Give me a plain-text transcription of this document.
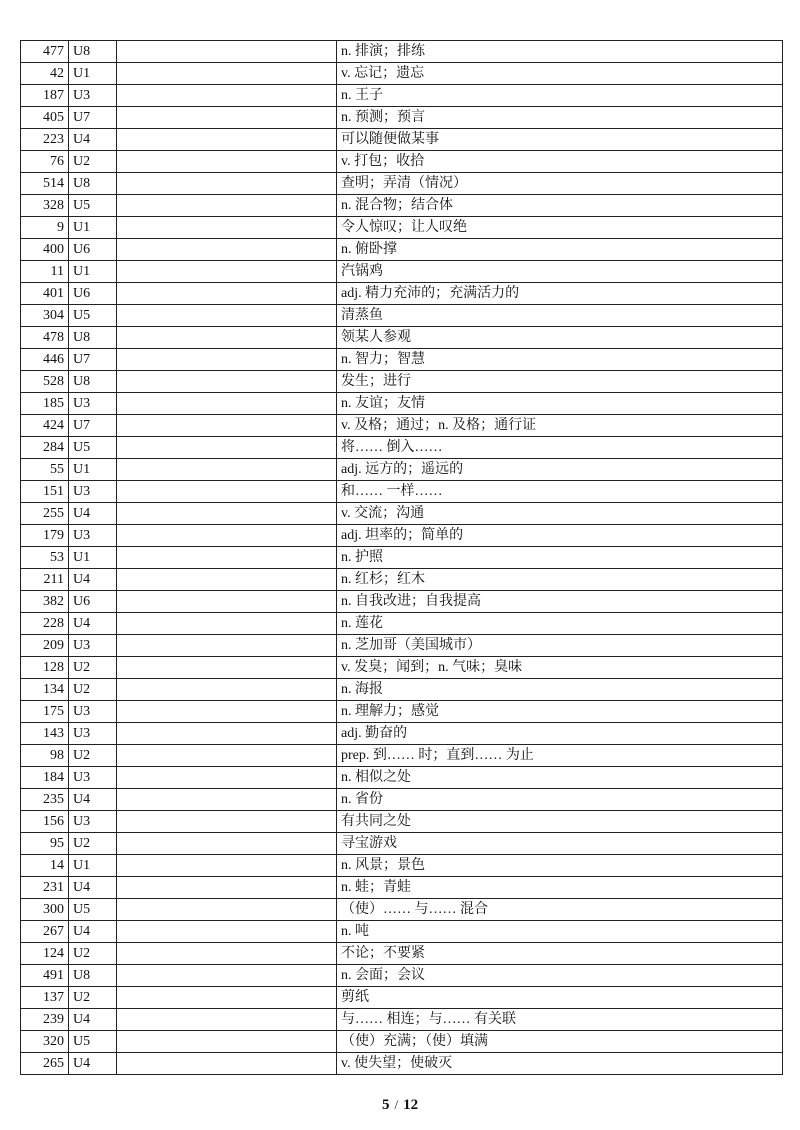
477	U8		n. 排演；排练
42	U1		v. 忘记；遗忘
187	U3		n. 王子
405	U7		n. 预测；预言
223	U4		可以随便做某事
76	U2		v. 打包；收拾
514	U8		查明；弄清（情况）
328	U5		n. 混合物；结合体
9	U1		令人惊叹；让人叹绝
400	U6		n. 俯卧撑
11	U1		汽锅鸡
401	U6		adj. 精力充沛的；充满活力的
304	U5		清蒸鱼
478	U8		领某人参观
446	U7		n. 智力；智慧
528	U8		发生；进行
185	U3		n. 友谊；友情
424	U7		v. 及格；通过；n. 及格；通行证
284	U5		将…… 倒入……
55	U1		adj. 远方的；遥远的
151	U3		和…… 一样……
255	U4		v. 交流；沟通
179	U3		adj. 坦率的；简单的
53	U1		n. 护照
211	U4		n. 红杉；红木
382	U6		n. 自我改进；自我提高
228	U4		n. 莲花
209	U3		n. 芝加哥（美国城市）
128	U2		v. 发臭；闻到；n. 气味；臭味
134	U2		n. 海报
175	U3		n. 理解力；感觉
143	U3		adj. 勤奋的
98	U2		prep. 到…… 时；直到…… 为止
184	U3		n. 相似之处
235	U4		n. 省份
156	U3		有共同之处
95	U2		寻宝游戏
14	U1		n. 风景；景色
231	U4		n. 蛙；青蛙
300	U5		（使）…… 与…… 混合
267	U4		n. 吨
124	U2		不论；不要紧
491	U8		n. 会面；会议
137	U2		剪纸
239	U4		与…… 相连；与…… 有关联
320	U5		（使）充满；（使）填满
265	U4		v. 使失望；使破灭
5 / 12
